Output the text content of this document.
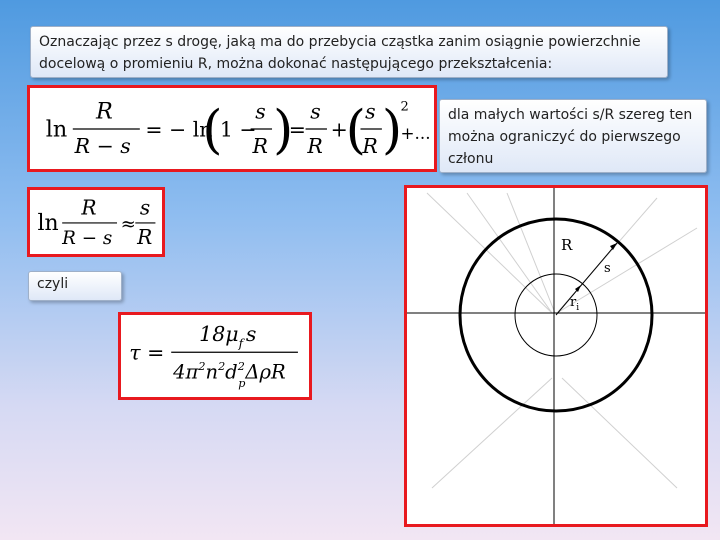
Oznaczając przez s drogę, jaką ma do przebycia cząstka zanim osiągnie powierzchnie docelową o promieniu R, można dokonać następującego przekształcenia:
ln
R
R − s
= − ln
(
1 −
s
R )
=
s
R
+
( s
R )
2
+...
dla małych wartości s/R szereg ten można ograniczyć do pierwszego członu
ln
R
R − s
≈
s
R
czyli
τ =
$18\mu_f$ s
$4\pi^2n^2d^2$ pΔρR
R
s
$r_i$
